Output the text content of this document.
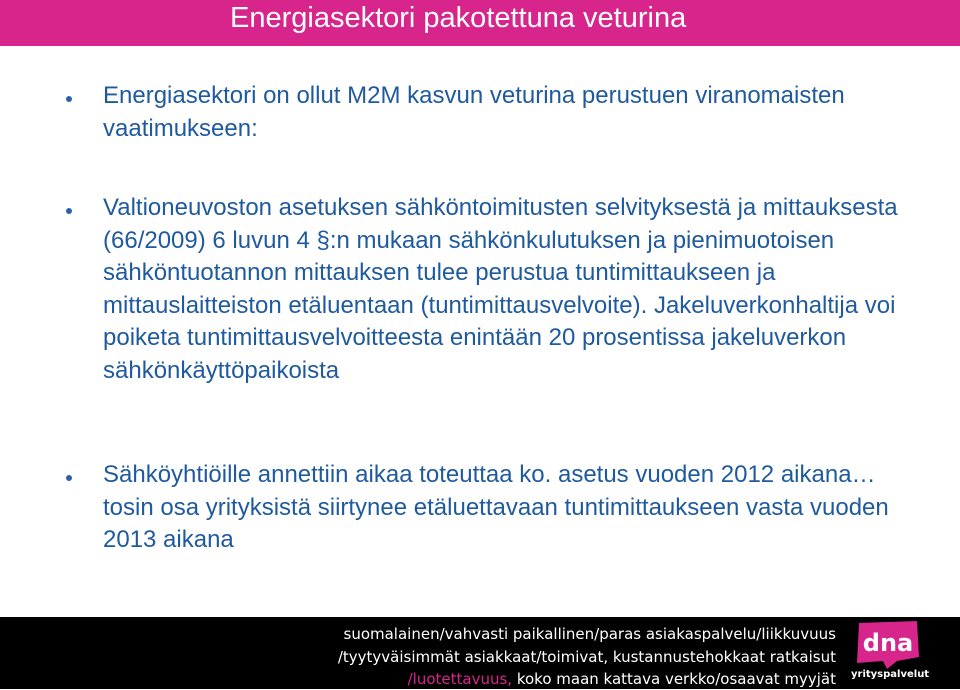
Energiasektori pakotettuna veturina
Energiasektori on ollut M2M kasvun veturina perustuen viranomaisten vaatimukseen:
Valtioneuvoston asetuksen sähköntoimitusten selvityksestä ja mittauksesta (66/2009) 6 luvun 4 §:n mukaan sähkönkulutuksen ja pienimuotoisen sähköntuotannon mittauksen tulee perustua tuntimittaukseen ja mittauslaitteiston etäluentaan (tuntimittausvelvoite). Jakeluverkonhaltija voi poiketa tuntimittausvelvoitteesta enintään 20 prosentissa jakeluverkon sähkönkäyttöpaikoista
Sähköyhtiöille annettiin aikaa toteuttaa ko. asetus vuoden 2012 aikana… tosin osa yrityksistä siirtynee etäluettavaan tuntimittaukseen vasta vuoden 2013 aikana
suomalainen/vahvasti paikallinen/paras asiakaspalvelu/liikkuvuus
/tyytyväisimmät asiakkaat/toimivat, kustannustehokkaat ratkaisut
/luotettavuus, koko maan kattava verkko/osaavat myyjät
dna
yrityspalvelut
